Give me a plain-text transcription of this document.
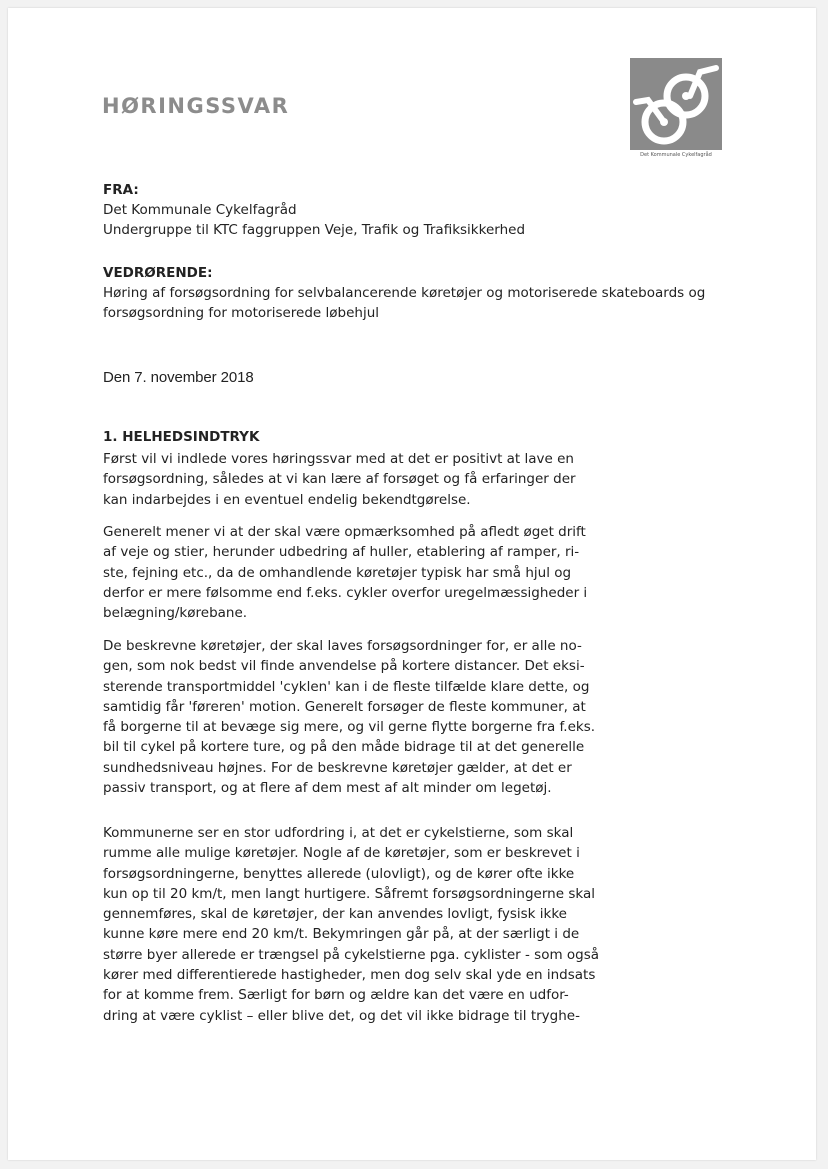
HØRINGSSVAR
Det Kommunale Cykelfagråd

FRA:

Det Kommunale Cykelfagråd

Undergruppe til KTC faggruppen Veje, Trafik og Trafiksikkerhed

VEDRØRENDE:

Høring af forsøgsordning for selvbalancerende køretøjer og motoriserede skateboards og

forsøgsordning for motoriserede løbehjul

Den 7. november 2018

1. HELHEDSINDTRYK

Først vil vi indlede vores høringssvar med at det er positivt at lave en

forsøgsordning, således at vi kan lære af forsøget og få erfaringer der

kan indarbejdes i en eventuel endelig bekendtgørelse.

Generelt mener vi at der skal være opmærksomhed på afledt øget drift

af veje og stier, herunder udbedring af huller, etablering af ramper, ri-

ste, fejning etc., da de omhandlende køretøjer typisk har små hjul og

derfor er mere følsomme end f.eks. cykler overfor uregelmæssigheder i

belægning/kørebane.

De beskrevne køretøjer, der skal laves forsøgsordninger for, er alle no-

gen, som nok bedst vil finde anvendelse på kortere distancer. Det eksi-

sterende transportmiddel 'cyklen' kan i de fleste tilfælde klare dette, og

samtidig får 'føreren' motion. Generelt forsøger de fleste kommuner, at

få borgerne til at bevæge sig mere, og vil gerne flytte borgerne fra f.eks.

bil til cykel på kortere ture, og på den måde bidrage til at det generelle

sundhedsniveau højnes. For de beskrevne køretøjer gælder, at det er

passiv transport, og at flere af dem mest af alt minder om legetøj.

Kommunerne ser en stor udfordring i, at det er cykelstierne, som skal

rumme alle mulige køretøjer. Nogle af de køretøjer, som er beskrevet i

forsøgsordningerne, benyttes allerede (ulovligt), og de kører ofte ikke

kun op til 20 km/t, men langt hurtigere. Såfremt forsøgsordningerne skal

gennemføres, skal de køretøjer, der kan anvendes lovligt, fysisk ikke

kunne køre mere end 20 km/t. Bekymringen går på, at der særligt i de

større byer allerede er trængsel på cykelstierne pga. cyklister - som også

kører med differentierede hastigheder, men dog selv skal yde en indsats

for at komme frem. Særligt for børn og ældre kan det være en udfor-

dring at være cyklist – eller blive det, og det vil ikke bidrage til tryghe-
